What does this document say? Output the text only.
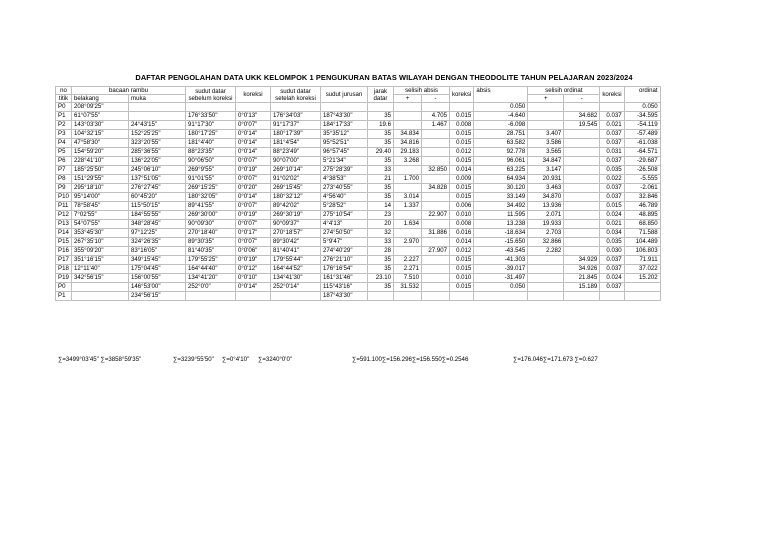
DAFTAR PENGOLAHAN DATA UKK KELOMPOK 1 PENGUKURAN BATAS WILAYAH DENGAN THEODOLITE TAHUN PELAJARAN 2023/2024
no	bacaan rambu		sudut datar sebelum koreksi	koreksi	sudut datar setelah koreksi	sudut jurusan	jarak datar	selisih absis		koreksi	absis	selisih ordinat		koreksi	ordinat
titik	belakang	muka						+	-			+	-		
P0	208°09'25"										0.050				0.050
P1	61°07'55"		176°33'50"	0°0'13"	176°34'03"	187°43'30"	35		4.705	0.015	-4.640		34.682	0.037	-34.595
P2	143°03'30"	24°43'15"	91°17'30"	0°0'07"	91°17'37"	184°17'33"	19.6		1.467	0.008	-6.098		19.545	0.021	-54.119
P3	104°32'15"	152°25'25"	180°17'25"	0°0'14"	180°17'39"	35°35'12"	35	34.834		0.015	28.751	3.407		0.037	-57.489
P4	47°58'30"	323°20'55"	181°4'40"	0°0'14"	181°4'54"	95°52'51"	35	34.816		0.015	63.582	3.586		0.037	-61.038
P5	154°59'20"	285°36'55"	88°23'35"	0°0'14"	88°23'49"	96°57'45"	29.40	29.183		0.012	92.778	3.565		0.031	-64.571
P6	228°41'10"	136°22'05"	90°06'50"	0°0'07"	90°07'00"	5°21'34"	35	3.268		0.015	96.061	34.847		0.037	-29.687
P7	185°25'50"	245°06'10"	269°9'55"	0°0'19"	269°10'14"	275°28'39"	33		32.850	0.014	63.225	3.147		0.035	-26.508
P8	151°29'55"	137°51'05"	91°01'55"	0°0'07"	91°02'02"	4°38'53"	21	1.700		0.009	64.934	20.931		0.022	-5.555
P9	295°18'10"	276°27'45"	269°15'25"	0°0'20"	269°15'45"	273°40'55"	35		34.828	0.015	30.120	3.463		0.037	-2.061
P10	95°14'00"	60°45'20"	180°32'05"	0°0'14"	180°32'12"	4°56'40"	35	3.014		0.015	33.149	34.870		0.037	32.846
P11	78°58'45"	115°50'15"	89°41'55"	0°0'07"	89°42'02"	5°28'52"	14	1.337		0.006	34.492	13.936		0.015	46.789
P12	7°02'55"	184°55'55"	269°30'00"	0°0'19"	269°30'19"	275°10'54"	23		22.907	0.010	11.595	2.071		0.024	48.895
P13	54°07'55"	348°28'45"	90°09'30"	0°0'07"	90°09'37"	4°4'13"	20	1.634		0.008	13.238	19.933		0.021	68.850
P14	353°45'30"	97°12'25"	270°18'40"	0°0'17"	270°18'57"	274°50'50"	32		31.886	0.016	-18.634	2.703		0.034	71.588
P15	267°35'10"	324°26'35"	89°30'35"	0°0'07"	89°30'42"	5°9'47"	33	2.970		0.014	-15.650	32.866		0.035	104.489
P16	355°09'20"	83°16'05"	81°40'35"	0°0'06"	81°40'41"	274°40'29"	28		27.907	0.012	-43.545	2.282		0.030	106.803
P17	351°16'15"	349°15'45"	179°55'25"	0°0'19"	179°55'44"	276°21'10"	35	2.227		0.015	-41.303		34.929	0.037	71.911
P18	12°11'40"	175°04'45"	164°44'40"	0°0'12"	164°44'52"	176°16'54"	35	2.271		0.015	-39.017		34.926	0.037	37.022
P19	342°56'15"	156°00'55"	134°41'20"	0°0'10"	134°41'30"	161°31'46"	23.10	7.510		0.010	-31.497		21.845	0.024	15.202
P0		146°53'00"	252°0'0"	0°0'14"	252°0'14"	115°43'16"	35	31.532		0.015	0.050		15.189	0.037	
P1		234°56'15"				187°43'30"									
∑=3499°03'45" ∑=3858°59'35"	∑=3239°55'50" ∑=0°4'10" ∑=3240°0'0"	∑=591.100∑=156.296∑=156.550∑=0.2546	∑=176.046∑=171.673 ∑=0.627
